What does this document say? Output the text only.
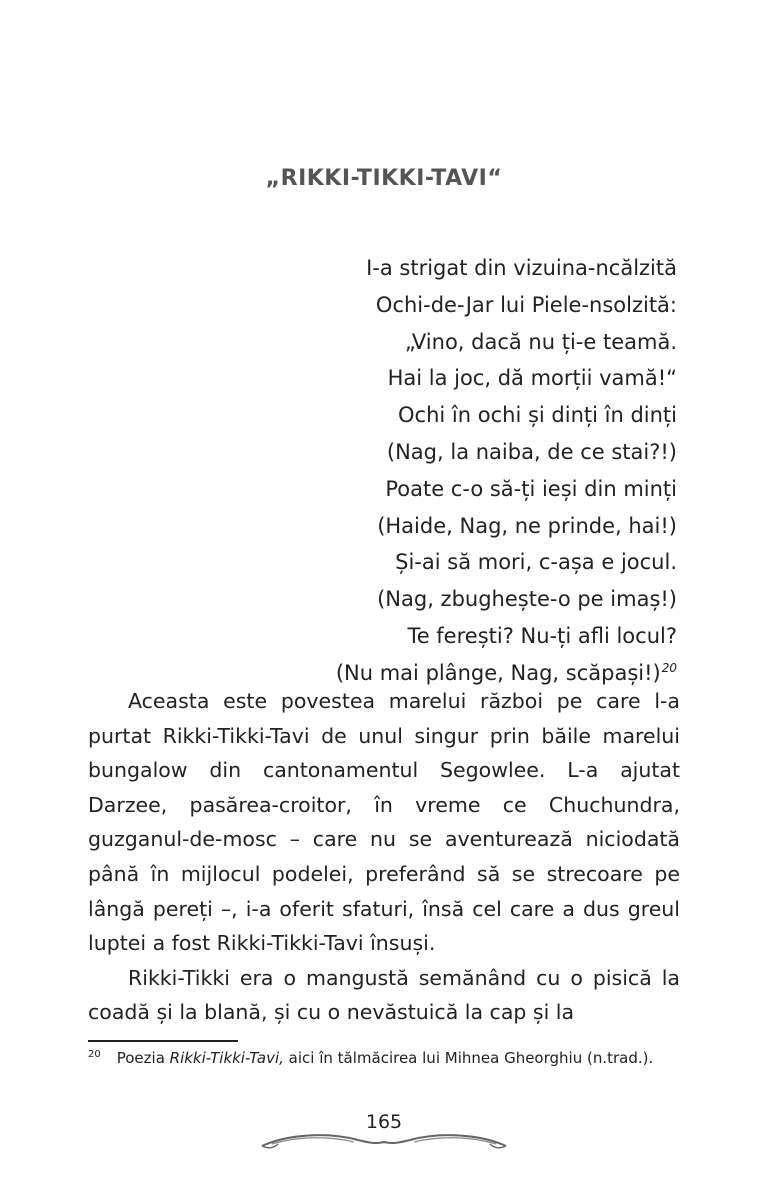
„RIKKI-TIKKI-TAVI“
I-a strigat din vizuina-ncălzită
Ochi-de-Jar lui Piele-nsolzită:
„Vino, dacă nu ți-e teamă.
Hai la joc, dă morții vamă!“
Ochi în ochi și dinți în dinți
(Nag, la naiba, de ce stai?!)
Poate c-o să-ți ieși din minți
(Haide, Nag, ne prinde, hai!)
Și-ai să mori, c-așa e jocul.
(Nag, zbughește-o pe imaș!)
Te ferești? Nu-ți afli locul?
(Nu mai plânge, Nag, scăpași!)$^{20}$

Aceasta este povestea marelui război pe care l-a purtat Rikki-Tikki-Tavi de unul singur prin băile marelui bungalow din cantonamentul Segowlee. L-a ajutat Darzee, pasărea-croitor, în vreme ce Chuchundra, guzganul-de-mosc – care nu se aventurează niciodată până în mijlocul podelei, preferând să se strecoare pe lângă pereți –, i-a oferit sfaturi, însă cel care a dus greul luptei a fost Rikki-Tikki-Tavi însuși.

Rikki-Tikki era o mangustă semănând cu o pisică la coadă și la blană, și cu o nevăstuică la cap și la

$^{20}$ Poezia Rikki-Tikki-Tavi, aici în tălmăcirea lui Mihnea Gheorghiu (n.trad.).
165
